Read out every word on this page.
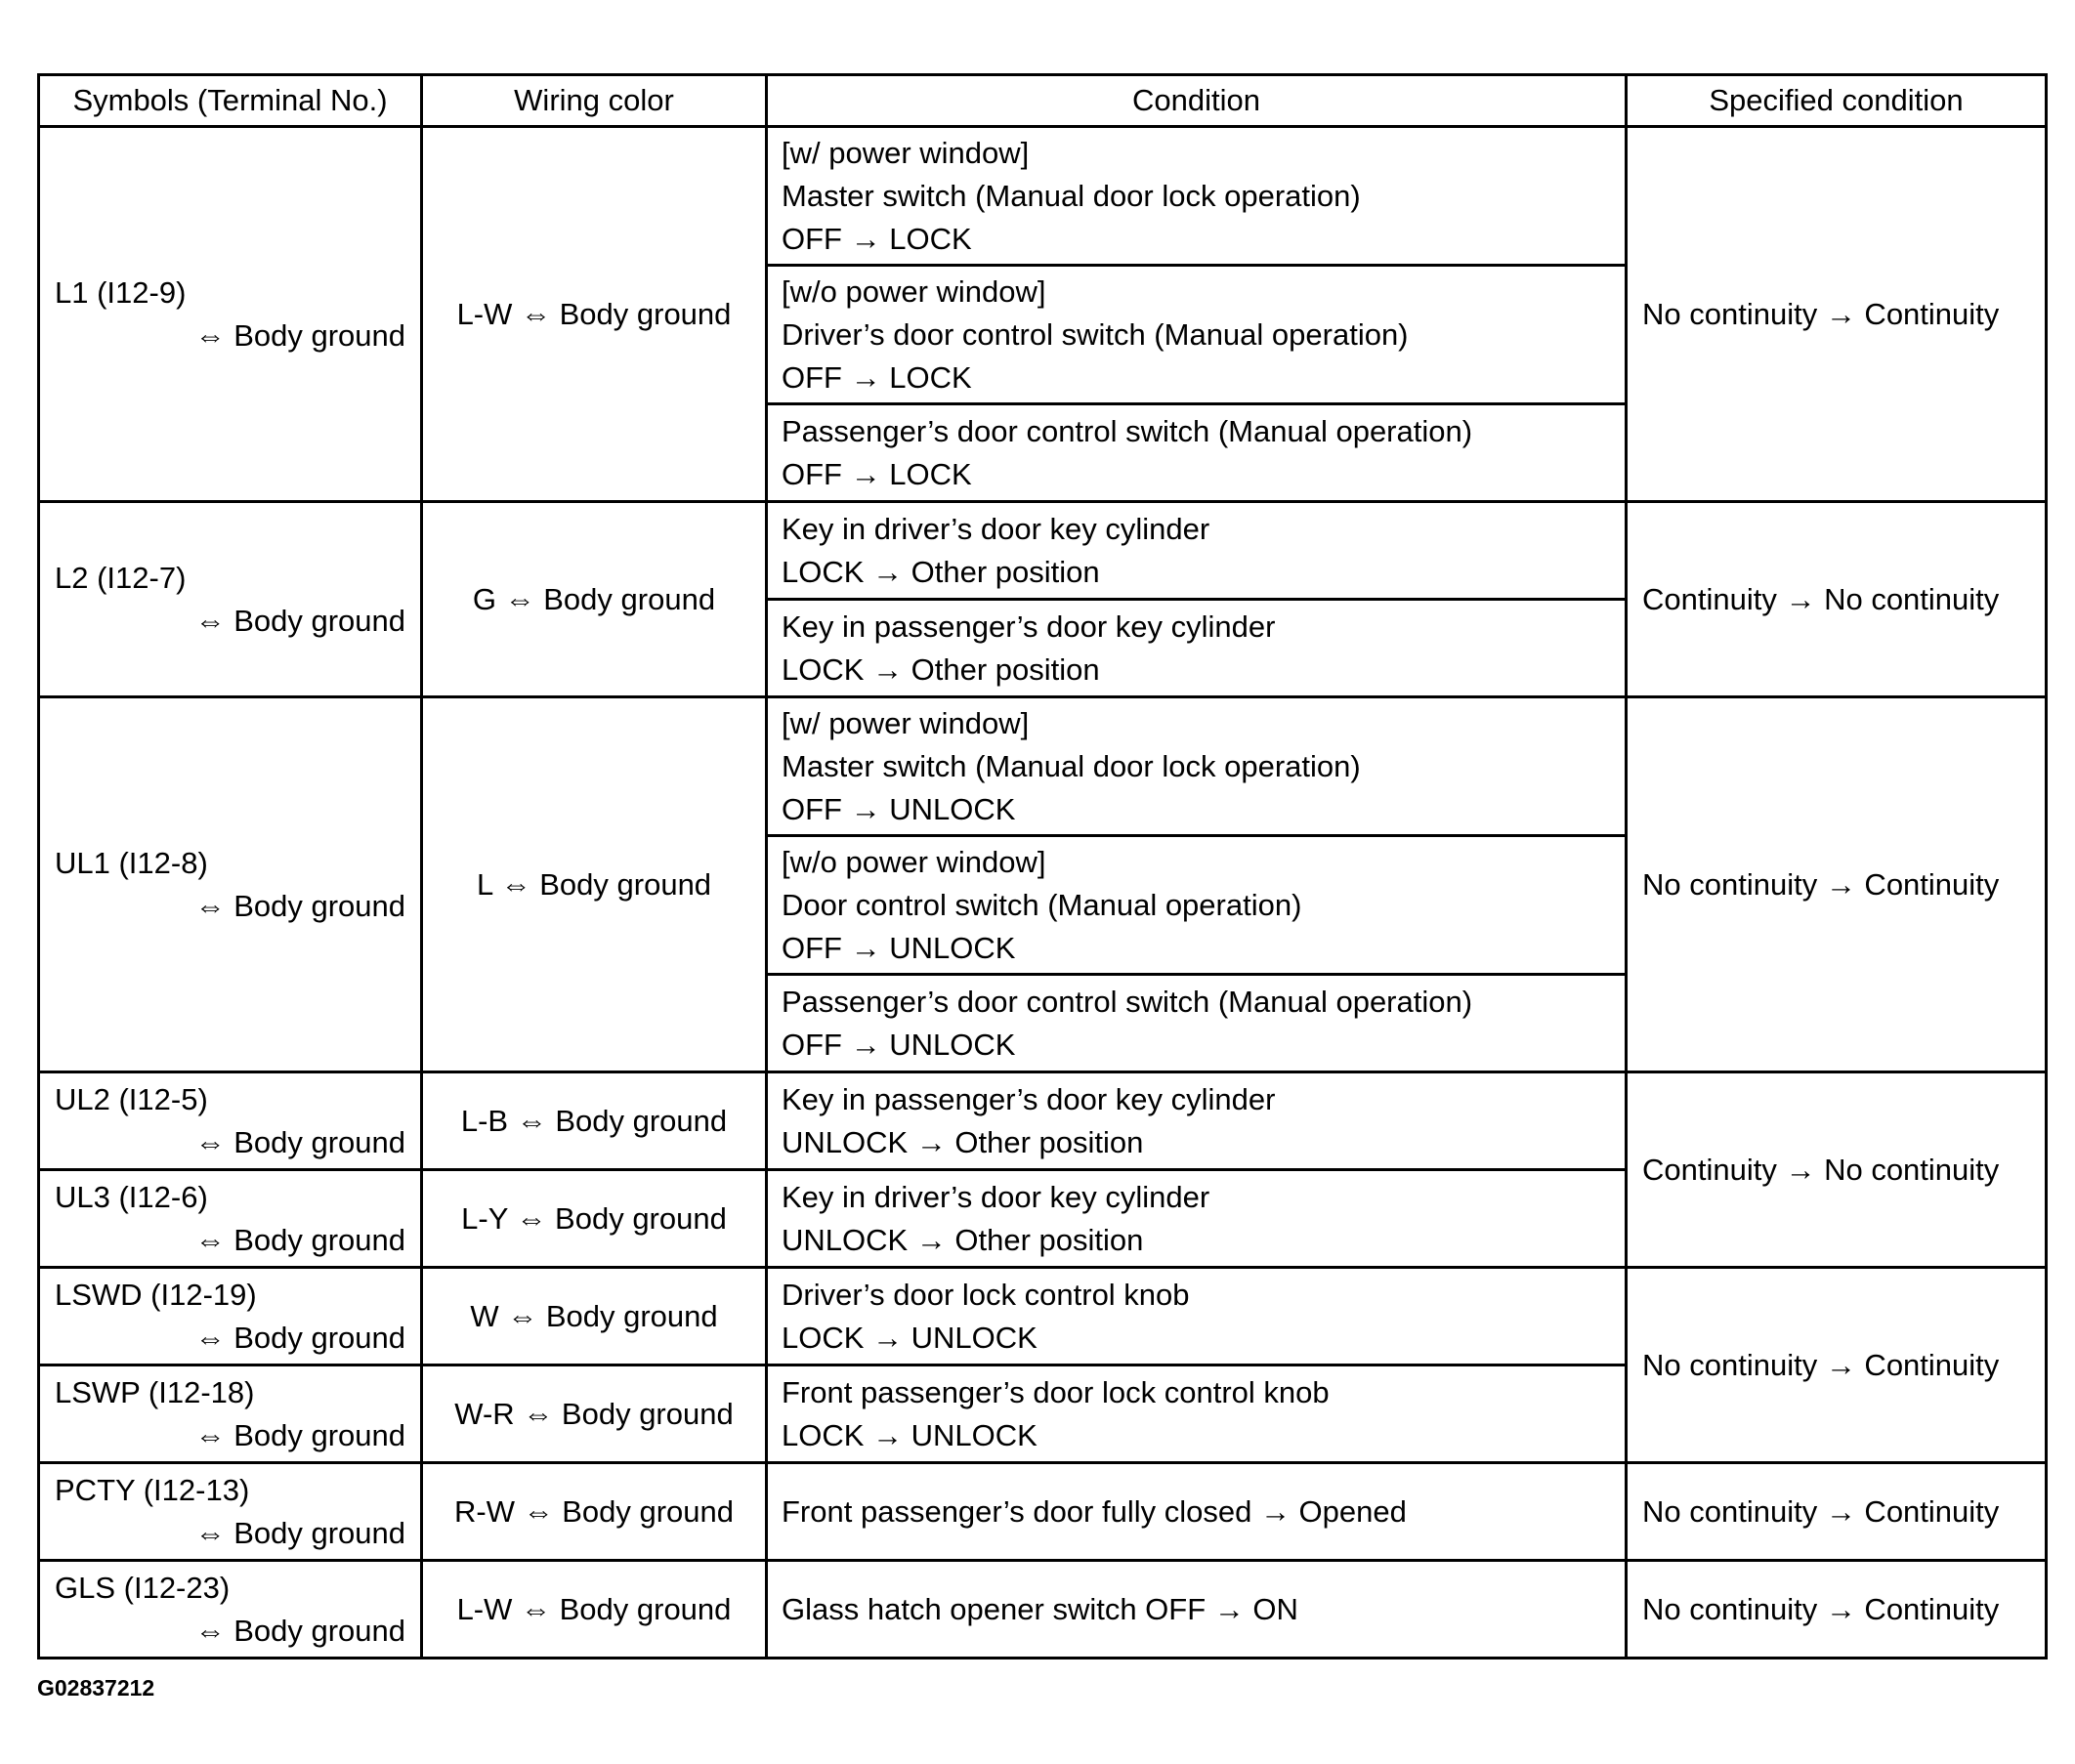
Symbols (Terminal No.)	Wiring color	Condition	Specified condition

L1 (I12-9)
⇔ Body ground	L-W ⇔ Body ground	[w/ power window]
Master switch (Manual door lock operation)
OFF → LOCK	No continuity → Continuity

		[w/o power window]
Driver’s door control switch (Manual operation)
OFF → LOCK	

		Passenger’s door control switch (Manual operation)
OFF → LOCK	

L2 (I12-7)
⇔ Body ground	G ⇔ Body ground	Key in driver’s door key cylinder
LOCK → Other position	Continuity → No continuity

		Key in passenger’s door key cylinder
LOCK → Other position	

UL1 (I12-8)
⇔ Body ground	L ⇔ Body ground	[w/ power window]
Master switch (Manual door lock operation)
OFF → UNLOCK	No continuity → Continuity

		[w/o power window]
Door control switch (Manual operation)
OFF → UNLOCK	

		Passenger’s door control switch (Manual operation)
OFF → UNLOCK	

UL2 (I12-5)
⇔ Body ground	L-B ⇔ Body ground	Key in passenger’s door key cylinder
UNLOCK → Other position	Continuity → No continuity

UL3 (I12-6)
⇔ Body ground	L-Y ⇔ Body ground	Key in driver’s door key cylinder
UNLOCK → Other position	

LSWD (I12-19)
⇔ Body ground	W ⇔ Body ground	Driver’s door lock control knob
LOCK → UNLOCK	No continuity → Continuity

LSWP (I12-18)
⇔ Body ground	W-R ⇔ Body ground	Front passenger’s door lock control knob
LOCK → UNLOCK	

PCTY (I12-13)
⇔ Body ground	R-W ⇔ Body ground	Front passenger’s door fully closed → Opened	No continuity → Continuity

GLS (I12-23)
⇔ Body ground	L-W ⇔ Body ground	Glass hatch opener switch OFF → ON	No continuity → Continuity
G02837212
